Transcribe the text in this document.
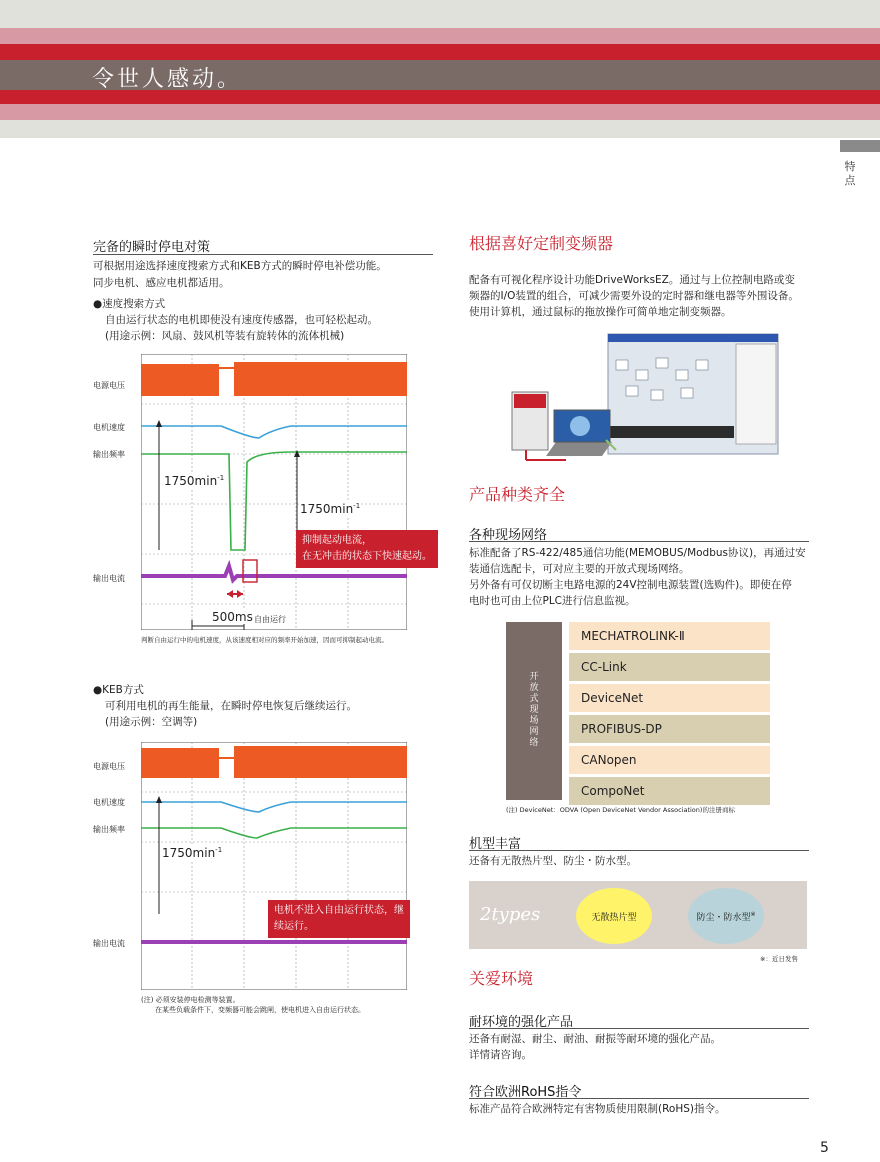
令世人感动。
特点
完备的瞬时停电对策
可根据用途选择速度搜索方式和KEB方式的瞬时停电补偿功能。
同步电机、感应电机都适用。
●速度搜索方式
自由运行状态的电机即使没有速度传感器，也可轻松起动。
(用途示例：风扇、鼓风机等装有旋转体的流体机械)
电源电压
电机速度
输出频率
输出电流
$1750\min^{-1}$
$1750\min^{-1}$
抑制起动电流，
在无冲击的状态下快速起动。
500ms 自由运行
判断自由运行中的电机速度，从该速度相对应的频率开始加速，因而可抑制起动电流。
●KEB方式
可利用电机的再生能量，在瞬时停电恢复后继续运行。
(用途示例：空调等)
电源电压
电机速度
输出频率
输出电流
$1750\min^{-1}$
电机不进入自由运行状态，继
续运行。
(注) 必须安装停电检测等装置。
在某些负载条件下，变频器可能会跳闸，使电机进入自由运行状态。
根据喜好定制变频器
配备有可视化程序设计功能DriveWorksEZ。通过与上位控制电路或变
频器的I/O装置的组合，可减少需要外设的定时器和继电器等外围设备。
使用计算机，通过鼠标的拖放操作可简单地定制变频器。
产品种类齐全
各种现场网络
标准配备了RS-422/485通信功能(MEMOBUS/Modbus协议)，再通过安
装通信选配卡，可对应主要的开放式现场网络。
另外备有可仅切断主电路电源的24V控制电源装置(选购件)。即使在停
电时也可由上位PLC进行信息监视。
开放式现场网络
MECHATROLINK-Ⅱ
CC-Link
DeviceNet
PROFIBUS-DP
CANopen
CompoNet
(注) DeviceNet：ODVA (Open DeviceNet Vendor Association)的注册商标
机型丰富
还备有无散热片型、防尘・防水型。
2types	无散热片型	防尘・防水型※
※：近日发售
关爱环境
耐环境的强化产品
还备有耐湿、耐尘、耐油、耐振等耐环境的强化产品。
详情请咨询。
符合欧洲RoHS指令
标准产品符合欧洲特定有害物质使用限制(RoHS)指令。
5
